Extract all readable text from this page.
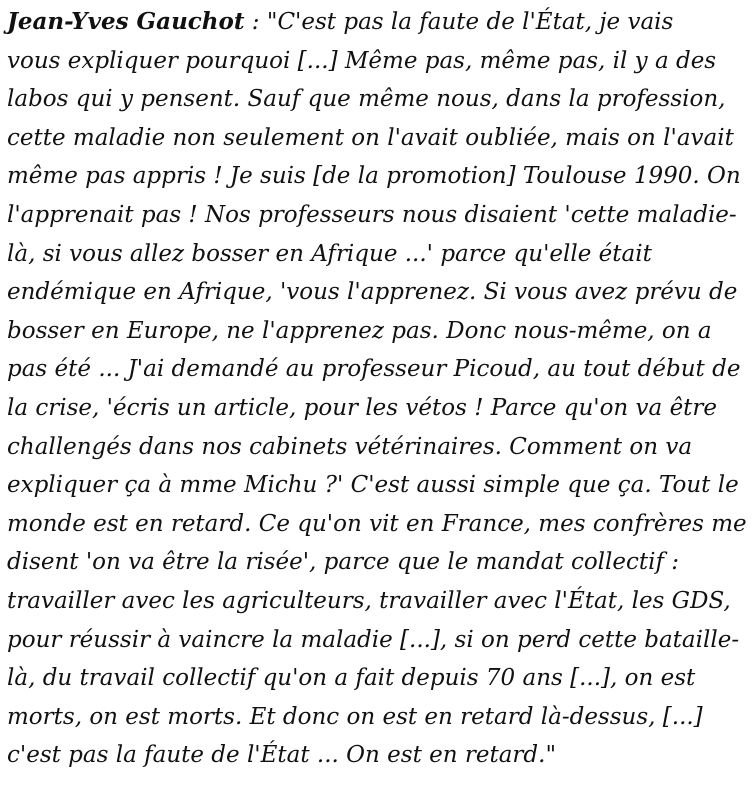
Jean-Yves Gauchot : "C'est pas la faute de l'État, je vais
vous expliquer pourquoi [...] Même pas, même pas, il y a des
labos qui y pensent. Sauf que même nous, dans la profession,
cette maladie non seulement on l'avait oubliée, mais on l'avait
même pas appris ! Je suis [de la promotion] Toulouse 1990. On
l'apprenait pas ! Nos professeurs nous disaient 'cette maladie-
là, si vous allez bosser en Afrique ...' parce qu'elle était
endémique en Afrique, 'vous l'apprenez. Si vous avez prévu de
bosser en Europe, ne l'apprenez pas. Donc nous-même, on a
pas été ... J'ai demandé au professeur Picoud, au tout début de
la crise, 'écris un article, pour les vétos ! Parce qu'on va être
challengés dans nos cabinets vétérinaires. Comment on va
expliquer ça à mme Michu ?' C'est aussi simple que ça. Tout le
monde est en retard. Ce qu'on vit en France, mes confrères me
disent 'on va être la risée', parce que le mandat collectif :
travailler avec les agriculteurs, travailler avec l'État, les GDS,
pour réussir à vaincre la maladie [...], si on perd cette bataille-
là, du travail collectif qu'on a fait depuis 70 ans [...], on est
morts, on est morts. Et donc on est en retard là-dessus, [...]
c'est pas la faute de l'État ... On est en retard."
